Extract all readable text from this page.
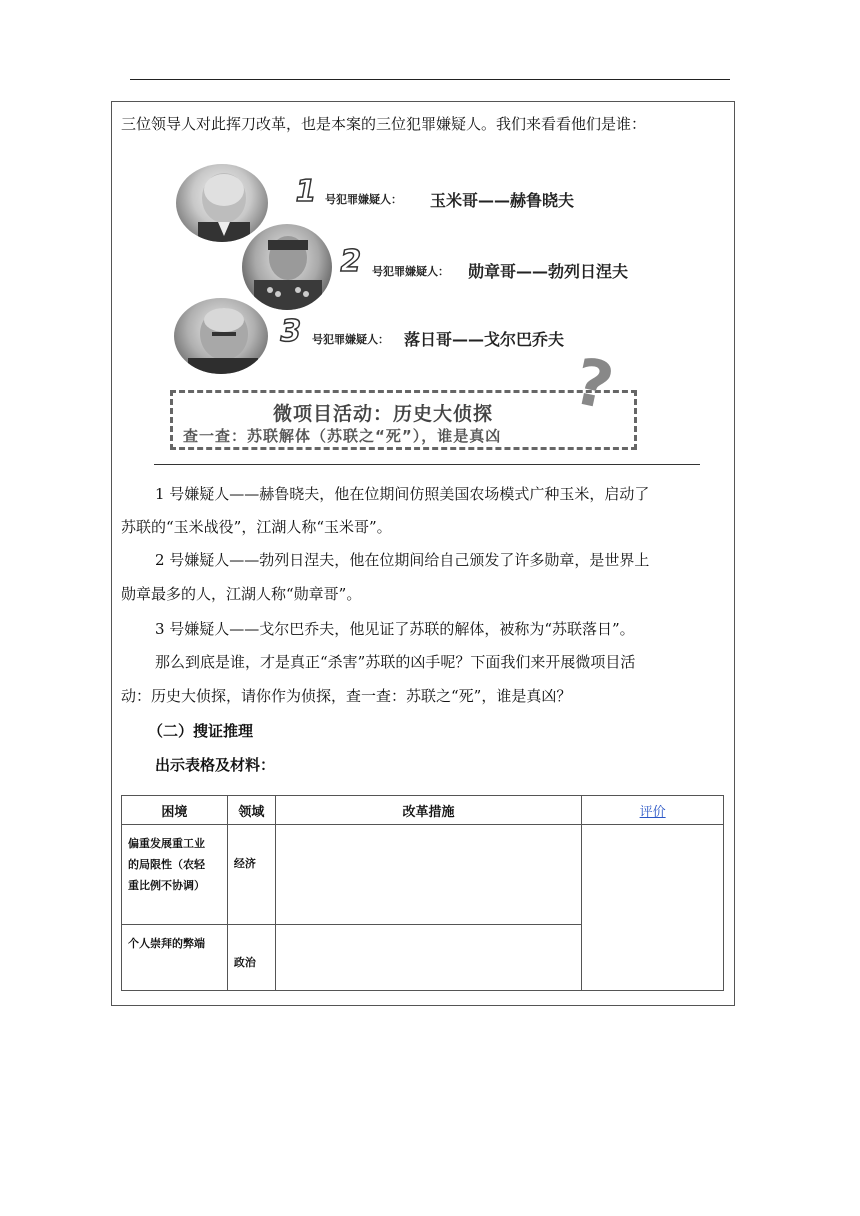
三位领导人对此挥刀改革，也是本案的三位犯罪嫌疑人。我们来看看他们是谁：
1 号犯罪嫌疑人： 玉米哥——赫鲁晓夫
2 号犯罪嫌疑人： 勋章哥——勃列日涅夫
3 号犯罪嫌疑人： 落日哥——戈尔巴乔夫
微项目活动：历史大侦探
查一查：苏联解体（苏联之“死”），谁是真凶
?
1 号嫌疑人——赫鲁晓夫，他在位期间仿照美国农场模式广种玉米，启动了
苏联的“玉米战役”，江湖人称“玉米哥”。
2 号嫌疑人——勃列日涅夫，他在位期间给自己颁发了许多勋章，是世界上
勋章最多的人，江湖人称“勋章哥”。
3 号嫌疑人——戈尔巴乔夫，他见证了苏联的解体，被称为“苏联落日”。
那么到底是谁，才是真正“杀害”苏联的凶手呢？下面我们来开展微项目活
动：历史大侦探，请你作为侦探，查一查：苏联之“死”，谁是真凶？
（二）搜证推理
出示表格及材料：
困境	领域	改革措施	评价

偏重发展重工业
的局限性（农轻
重比例不协调）	经济		

个人崇拜的弊端	政治		
